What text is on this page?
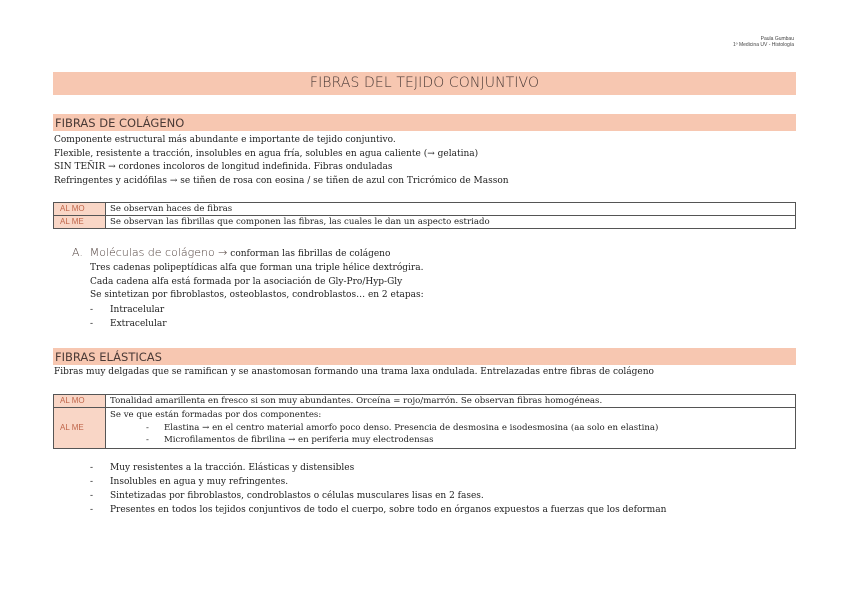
Paula Gumbau
1º Medicina UV - Histología
FIBRAS DEL TEJIDO CONJUNTIVO
FIBRAS DE COLÁGENO
Componente estructural más abundante e importante de tejido conjuntivo.
Flexible, resistente a tracción, insolubles en agua fría, solubles en agua caliente (→ gelatina)
SIN TEÑIR → cordones incoloros de longitud indefinida. Fibras onduladas
Refringentes y acidófilas → se tiñen de rosa con eosina / se tiñen de azul con Tricrómico de Masson
AL MO	Se observan haces de fibras
AL ME	Se observan las fibrillas que componen las fibras, las cuales le dan un aspecto estriado
A. Moléculas de colágeno → conforman las fibrillas de colágeno
Tres cadenas polipeptídicas alfa que forman una triple hélice dextrógira.
Cada cadena alfa está formada por la asociación de Gly-Pro/Hyp-Gly
Se sintetizan por fibroblastos, osteoblastos, condroblastos… en 2 etapas:
- Intracelular
- Extracelular
FIBRAS ELÁSTICAS
Fibras muy delgadas que se ramifican y se anastomosan formando una trama laxa ondulada. Entrelazadas entre fibras de colágeno
AL MO	Tonalidad amarillenta en fresco si son muy abundantes. Orceína = rojo/marrón. Se observan fibras homogéneas.
AL ME	Se ve que están formadas por dos componentes:
- Elastina → en el centro material amorfo poco denso. Presencia de desmosina e isodesmosina (aa solo en elastina)
- Microfilamentos de fibrilina → en periferia muy electrodensas
- Muy resistentes a la tracción. Elásticas y distensibles
- Insolubles en agua y muy refringentes.
- Sintetizadas por fibroblastos, condroblastos o células musculares lisas en 2 fases.
- Presentes en todos los tejidos conjuntivos de todo el cuerpo, sobre todo en órganos expuestos a fuerzas que los deforman
